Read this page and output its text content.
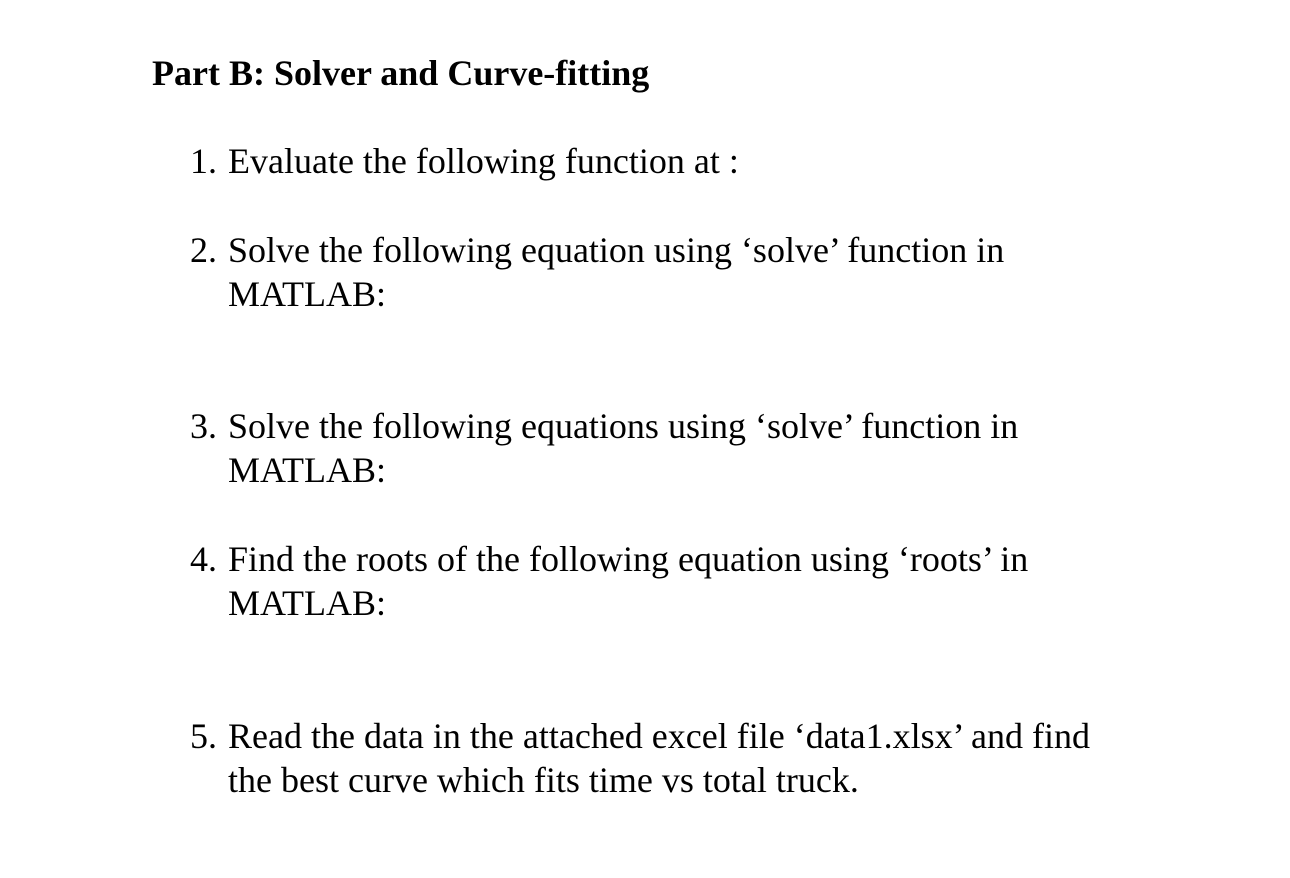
Part B: Solver and Curve-fitting
1. Evaluate the following function at :
2. Solve the following equation using ‘solve’ function in
MATLAB:
3. Solve the following equations using ‘solve’ function in
MATLAB:
4. Find the roots of the following equation using ‘roots’ in
MATLAB:
5. Read the data in the attached excel file ‘data1.xlsx’ and find
the best curve which fits time vs total truck.
